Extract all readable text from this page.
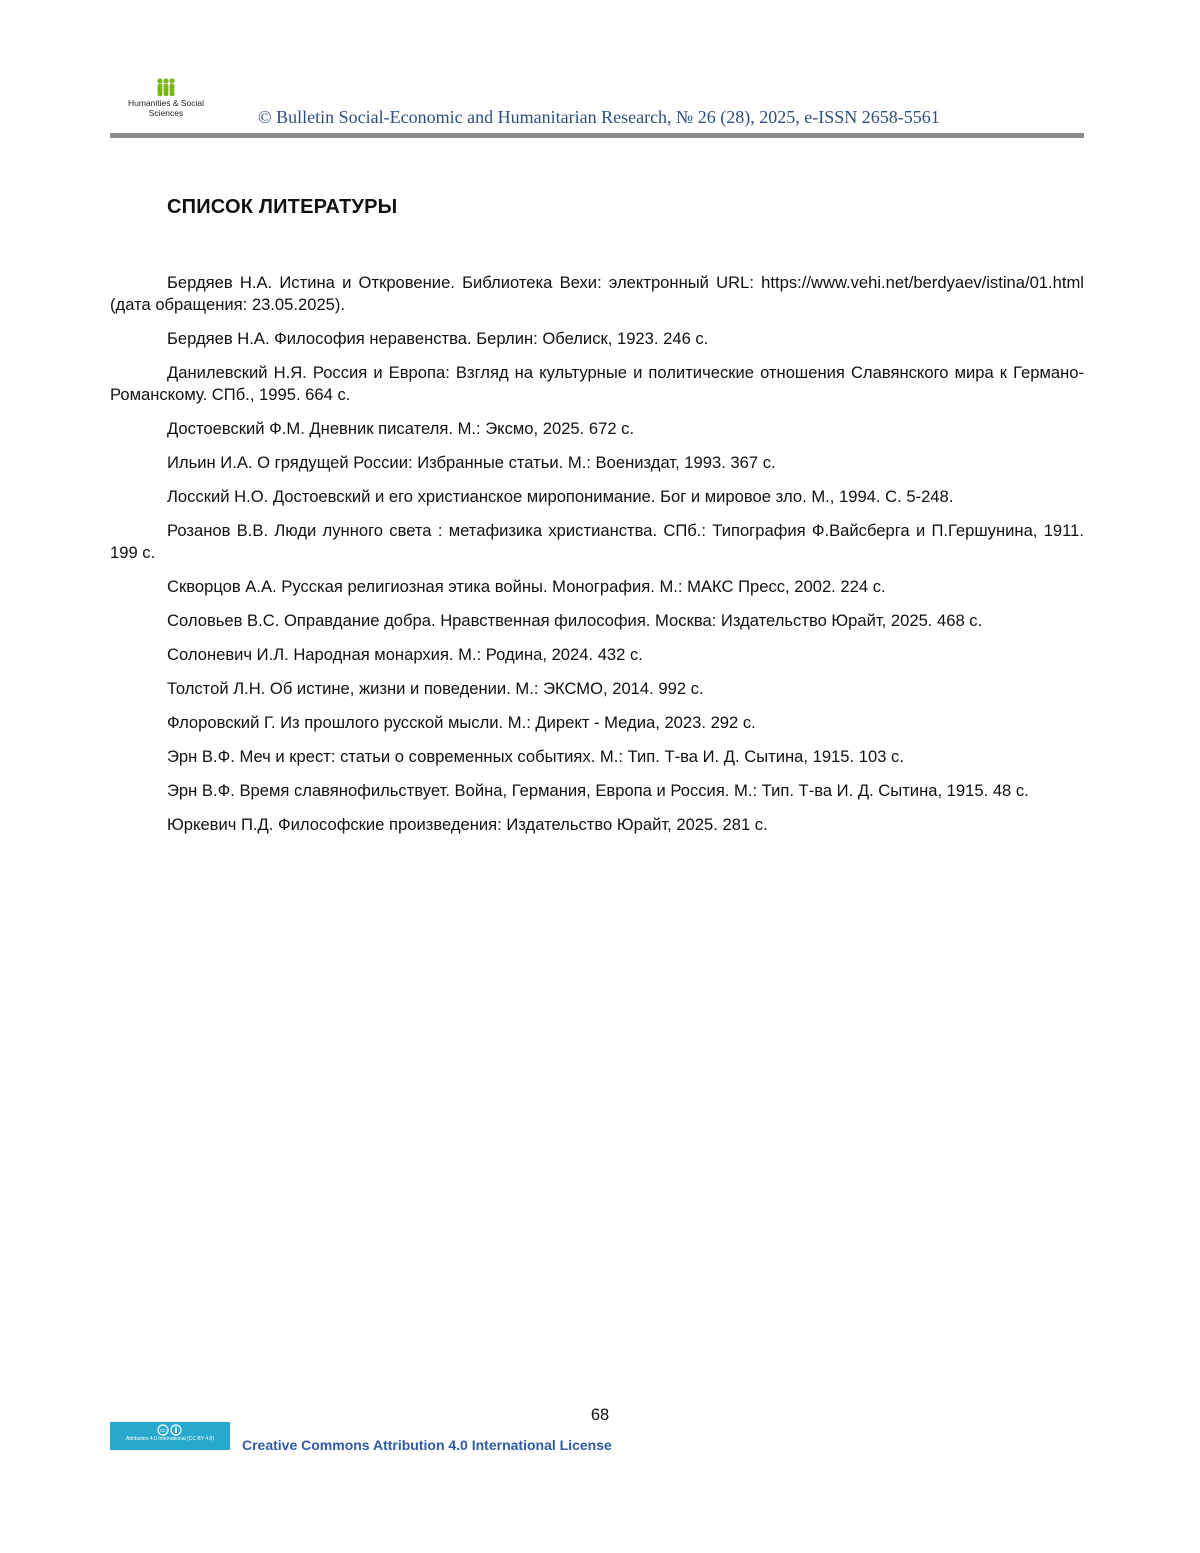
Humanities & Social
Sciences	© Bulletin Social-Economic and Humanitarian Research, № 26 (28), 2025, e-ISSN 2658-5561
СПИСОК ЛИТЕРАТУРЫ
Бердяев Н.А. Истина и Откровение. Библиотека Вехи: электронный URL: https://www.vehi.net/berdyaev/istina/01.html (дата обращения: 23.05.2025).
Бердяев Н.А. Философия неравенства. Берлин: Обелиск, 1923. 246 с.
Данилевский Н.Я. Россия и Европа: Взгляд на культурные и политические отношения Славянского мира к Германо-Романскому. СПб., 1995. 664 с.
Достоевский Ф.М. Дневник писателя. М.: Эксмо, 2025. 672 с.
Ильин И.А. О грядущей России: Избранные статьи. М.: Воениздат, 1993. 367 с.
Лосский Н.О. Достоевский и его христианское миропонимание. Бог и мировое зло. М., 1994. С. 5-248.
Розанов В.В. Люди лунного света : метафизика христианства. СПб.: Типография Ф.Вайсберга и П.Гершунина, 1911. 199 с.
Скворцов А.А. Русская религиозная этика войны. Монография. М.: МАКС Пресс, 2002. 224 с.
Соловьев В.С. Оправдание добра. Нравственная философия. Москва: Издательство Юрайт, 2025. 468 с.
Солоневич И.Л. Народная монархия. М.: Родина, 2024. 432 с.
Толстой Л.Н. Об истине, жизни и поведении. М.: ЭКСМО, 2014. 992 с.
Флоровский Г. Из прошлого русской мысли. М.: Директ - Медиа, 2023. 292 с.
Эрн В.Ф. Меч и крест: статьи о современных событиях. М.: Тип. Т-ва И. Д. Сытина, 1915. 103 с.
Эрн В.Ф. Время славянофильствует. Война, Германия, Европа и Россия. М.: Тип. Т-ва И. Д. Сытина, 1915. 48 с.
Юркевич П.Д. Философские произведения: Издательство Юрайт, 2025. 281 с.
68
cc
Attribution 4.0 International (CC BY 4.0)	Creative Commons Attribution 4.0 International License
